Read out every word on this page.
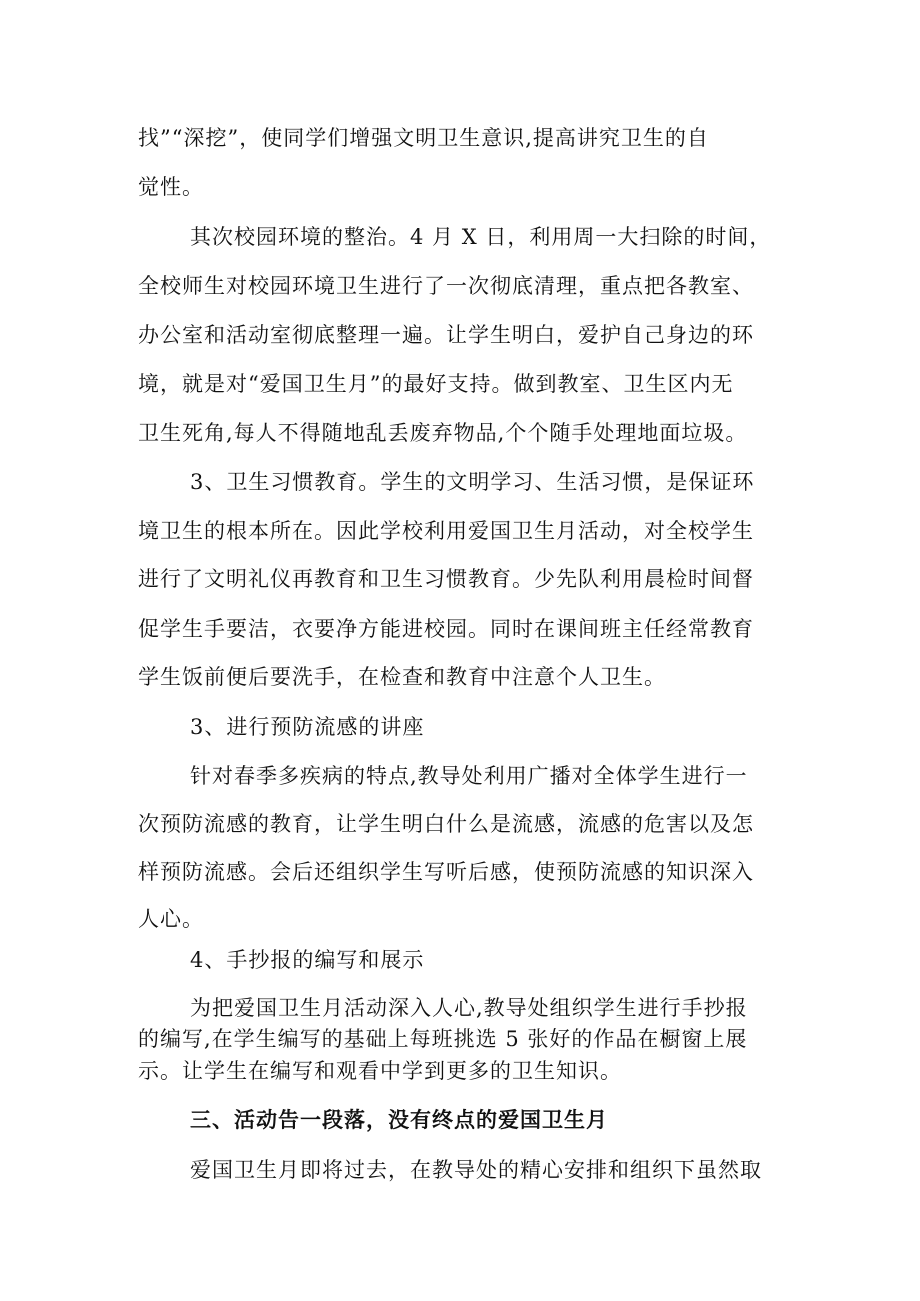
找”“深挖”，使同学们增强文明卫生意识,提高讲究卫生的自
觉性。
其次校园环境的整治。4 月 X 日，利用周一大扫除的时间，
全校师生对校园环境卫生进行了一次彻底清理，重点把各教室、
办公室和活动室彻底整理一遍。让学生明白，爱护自己身边的环
境，就是对“爱国卫生月”的最好支持。做到教室、卫生区内无
卫生死角,每人不得随地乱丢废弃物品,个个随手处理地面垃圾。
3、卫生习惯教育。学生的文明学习、生活习惯，是保证环
境卫生的根本所在。因此学校利用爱国卫生月活动，对全校学生
进行了文明礼仪再教育和卫生习惯教育。少先队利用晨检时间督
促学生手要洁，衣要净方能进校园。同时在课间班主任经常教育
学生饭前便后要洗手，在检查和教育中注意个人卫生。
3、进行预防流感的讲座
针对春季多疾病的特点,教导处利用广播对全体学生进行一
次预防流感的教育，让学生明白什么是流感，流感的危害以及怎
样预防流感。会后还组织学生写听后感，使预防流感的知识深入
人心。
4、手抄报的编写和展示
为把爱国卫生月活动深入人心,教导处组织学生进行手抄报
的编写,在学生编写的基础上每班挑选 5 张好的作品在橱窗上展
示。让学生在编写和观看中学到更多的卫生知识。
三、活动告一段落，没有终点的爱国卫生月
爱国卫生月即将过去，在教导处的精心安排和组织下虽然取
